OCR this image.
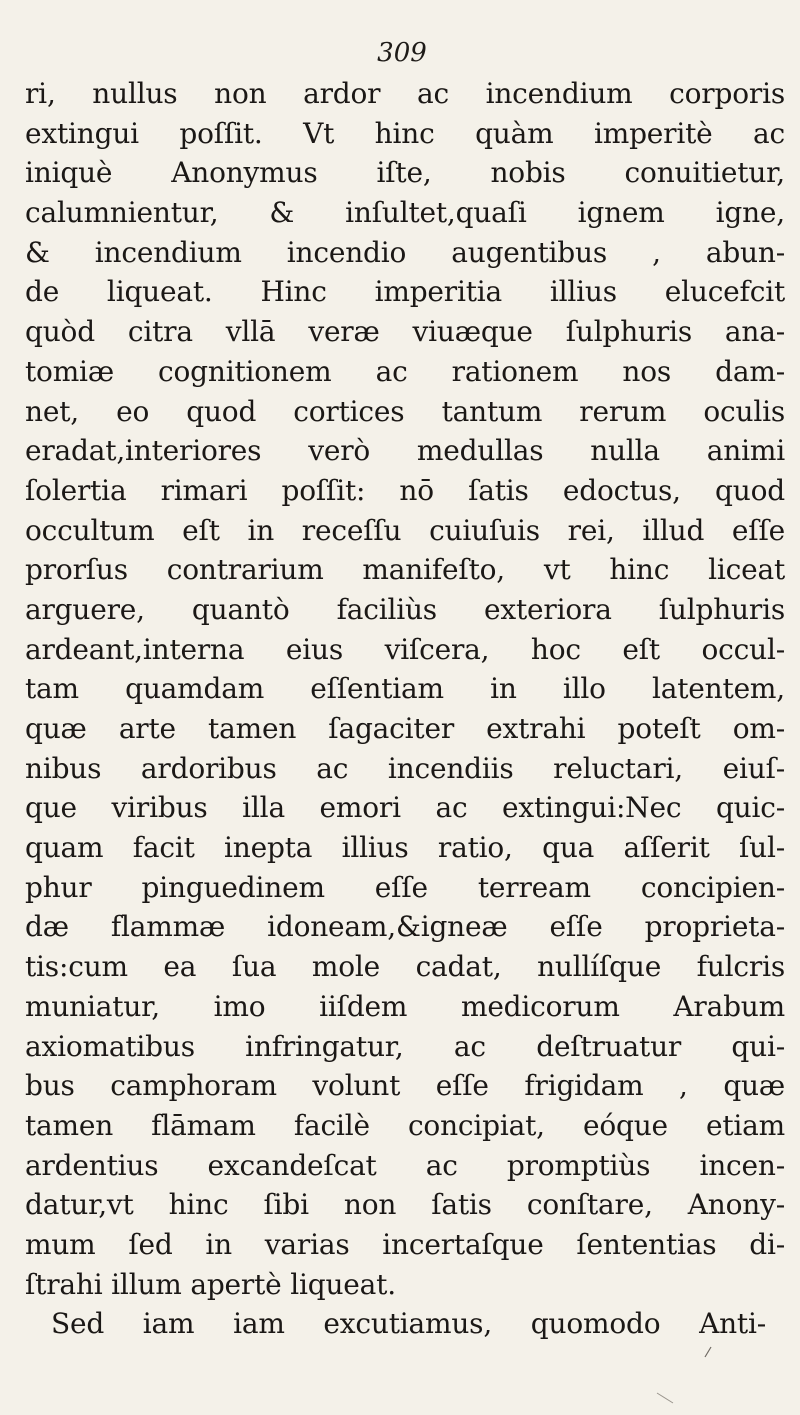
309
ri, nullus non ardor ac incendium corporis
extingui poſſit. Vt hinc quàm imperitè ac
iniquè Anonymus iſte, nobis conuitietur,
calumnientur, & inſultet,quaſi ignem igne,
& incendium incendio augentibus , abun-
de liqueat. Hinc imperitia illius elucefcit
quòd citra vllā veræ viuæque ſulphuris ana-
tomiæ cognitionem ac rationem nos dam-
net, eo quod cortices tantum rerum oculis
eradat,interiores verò medullas nulla animi
ſolertia rimari poſſit: nō ſatis edoctus, quod
occultum eſt in receſſu cuiuſuis rei, illud eſſe
prorſus contrarium manifeſto, vt hinc liceat
arguere, quantò faciliùs exteriora ſulphuris
ardeant,interna eius viſcera, hoc eſt occul-
tam quamdam eſſentiam in illo latentem,
quæ arte tamen ſagaciter extrahi poteſt om-
nibus ardoribus ac incendiis reluctari, eiuſ-
que viribus illa emori ac extingui:Nec quic-
quam facit inepta illius ratio, qua aſſerit ſul-
phur pinguedinem eſſe terream concipien-
dæ flammæ idoneam,&igneæ eſſe proprieta-
tis:cum ea ſua mole cadat, nullíſque fulcris
muniatur, imo iiſdem medicorum Arabum
axiomatibus infringatur, ac deſtruatur qui-
bus camphoram volunt eſſe frigidam , quæ
tamen flāmam facilè concipiat, eóque etiam
ardentius excandeſcat ac promptiùs incen-
datur,vt hinc ſibi non ſatis conſtare, Anony-
mum ſed in varias incertaſque ſententias di-
ſtrahi illum apertè liqueat.
Sed iam iam excutiamus, quomodo Anti-
